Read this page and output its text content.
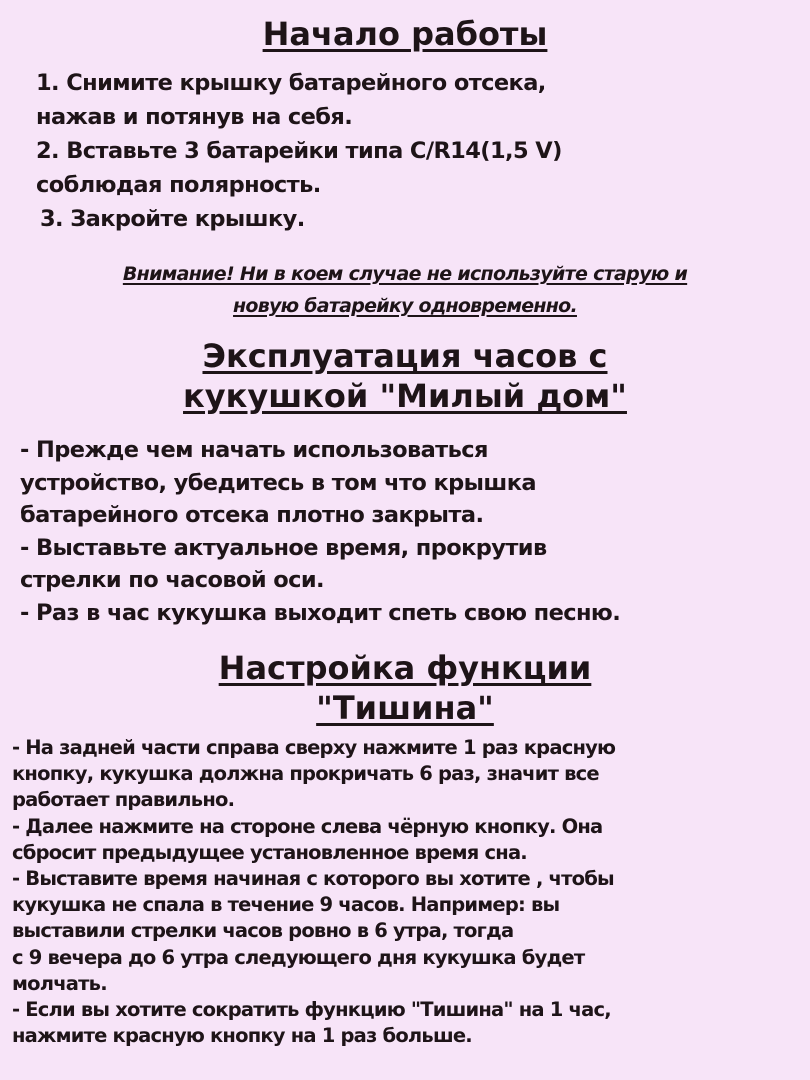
Начало работы
1. Снимите крышку батарейного отсека,
нажав и потянув на себя.
2. Вставьте 3 батарейки типа C/R14(1,5 V)
соблюдая полярность.
3. Закройте крышку.
Внимание! Ни в коем случае не используйте старую и
новую батарейку одновременно.
Эксплуатация часов с
кукушкой "Милый дом"
- Прежде чем начать использоваться
устройство, убедитесь в том что крышка
батарейного отсека плотно закрыта.
- Выставьте актуальное время, прокрутив
стрелки по часовой оси.
- Раз в час кукушка выходит спеть свою песню.
Настройка функции
"Тишина"
- На задней части справа сверху нажмите 1 раз красную
кнопку, кукушка должна прокричать 6 раз, значит все
работает правильно.
- Далее нажмите на стороне слева чёрную кнопку. Она
сбросит предыдущее установленное время сна.
- Выставите время начиная с которого вы хотите , чтобы
кукушка не спала в течение 9 часов. Например: вы
выставили стрелки часов ровно в 6 утра, тогда
с 9 вечера до 6 утра следующего дня кукушка будет
молчать.
- Если вы хотите сократить функцию "Тишина" на 1 час,
нажмите красную кнопку на 1 раз больше.
